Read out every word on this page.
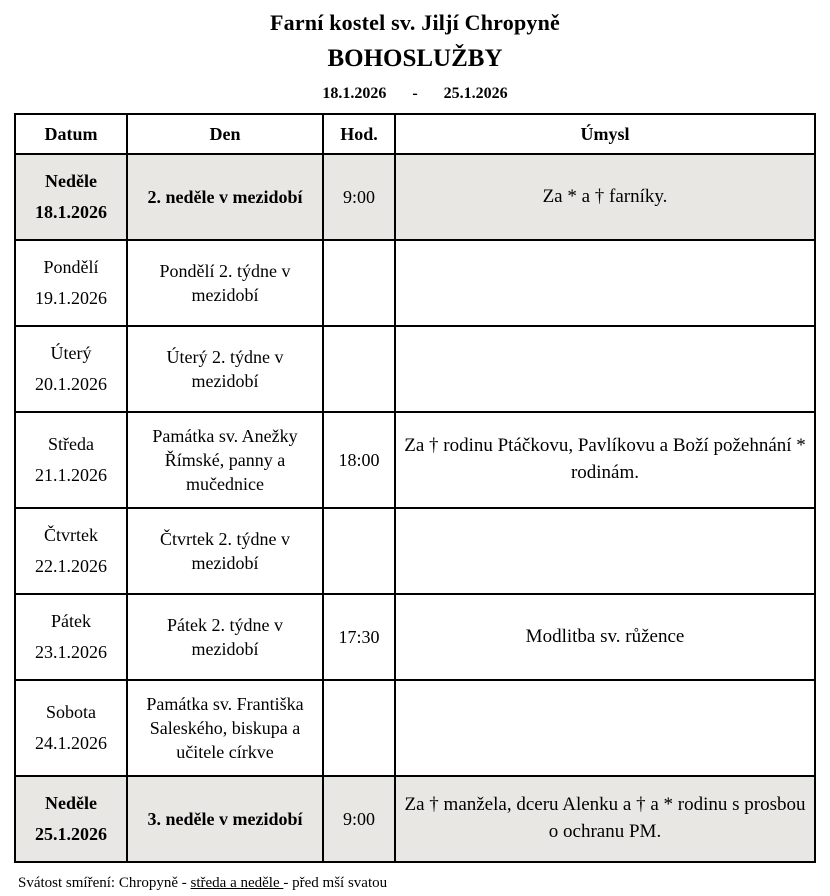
Farní kostel sv. Jiljí Chropyně
BOHOSLUŽBY
18.1.2026 - 25.1.2026
Datum	Den	Hod.	Úmysl

Neděle
18.1.2026	2. neděle v mezidobí	9:00	Za * a † farníky.

Pondělí
19.1.2026	Pondělí 2. týdne v mezidobí		

Úterý
20.1.2026	Úterý 2. týdne v mezidobí		

Středa
21.1.2026	Památka sv. Anežky Římské, panny a mučednice	18:00	Za † rodinu Ptáčkovu, Pavlíkovu a Boží požehnání * rodinám.

Čtvrtek
22.1.2026	Čtvrtek 2. týdne v mezidobí		

Pátek
23.1.2026	Pátek 2. týdne v mezidobí	17:30	Modlitba sv. růžence

Sobota
24.1.2026	Památka sv. Františka Saleského, biskupa a učitele církve		

Neděle
25.1.2026	3. neděle v mezidobí	9:00	Za † manžela, dceru Alenku a † a * rodinu s prosbou o ochranu PM.
Svátost smíření: Chropyně - středa a neděle - před mší svatou
